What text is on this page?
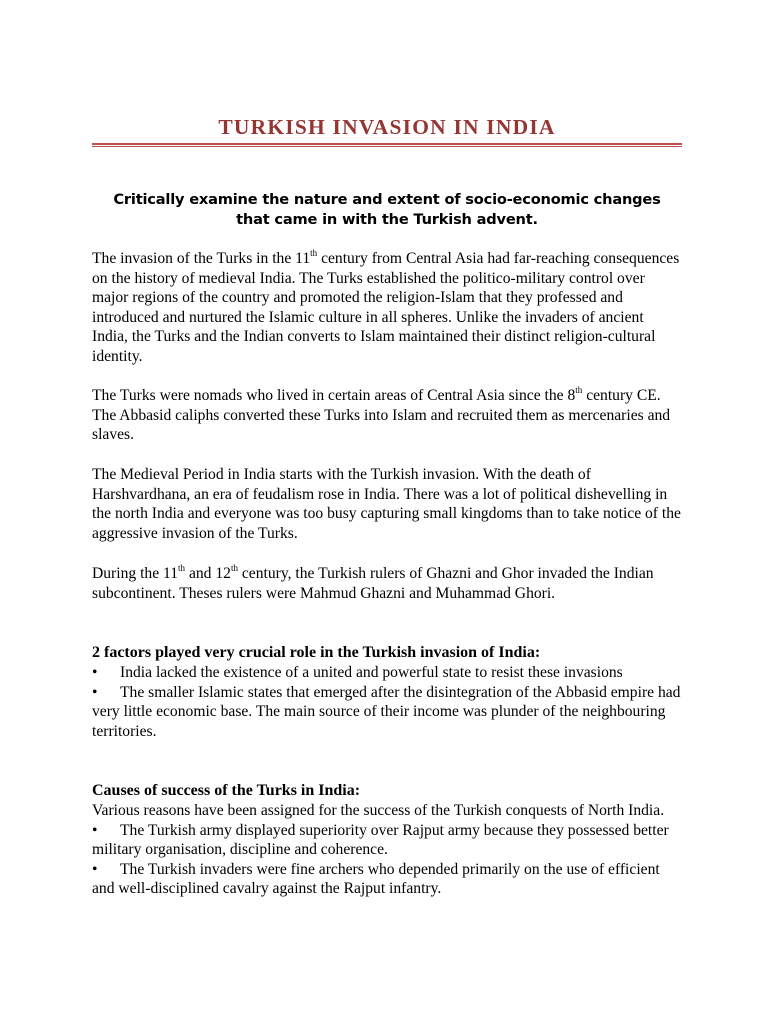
TURKISH INVASION IN INDIA
Critically examine the nature and extent of socio-economic changes
that came in with the Turkish advent.

The invasion of the Turks in the 11th century from Central Asia had far-reaching consequences on the history of medieval India. The Turks established the politico-military control over major regions of the country and promoted the religion-Islam that they professed and introduced and nurtured the Islamic culture in all spheres. Unlike the invaders of ancient India, the Turks and the Indian converts to Islam maintained their distinct religion-cultural identity.

The Turks were nomads who lived in certain areas of Central Asia since the 8th century CE. The Abbasid caliphs converted these Turks into Islam and recruited them as mercenaries and slaves.

The Medieval Period in India starts with the Turkish invasion. With the death of Harshvardhana, an era of feudalism rose in India. There was a lot of political dishevelling in the north India and everyone was too busy capturing small kingdoms than to take notice of the aggressive invasion of the Turks.

During the 11th and 12th century, the Turkish rulers of Ghazni and Ghor invaded the Indian subcontinent. Theses rulers were Mahmud Ghazni and Muhammad Ghori.

2 factors played very crucial role in the Turkish invasion of India:
• India lacked the existence of a united and powerful state to resist these invasions
• The smaller Islamic states that emerged after the disintegration of the Abbasid empire had very little economic base. The main source of their income was plunder of the neighbouring territories.
Causes of success of the Turks in India:
Various reasons have been assigned for the success of the Turkish conquests of North India.
• The Turkish army displayed superiority over Rajput army because they possessed better military organisation, discipline and coherence.
• The Turkish invaders were fine archers who depended primarily on the use of efficient and well-disciplined cavalry against the Rajput infantry.
